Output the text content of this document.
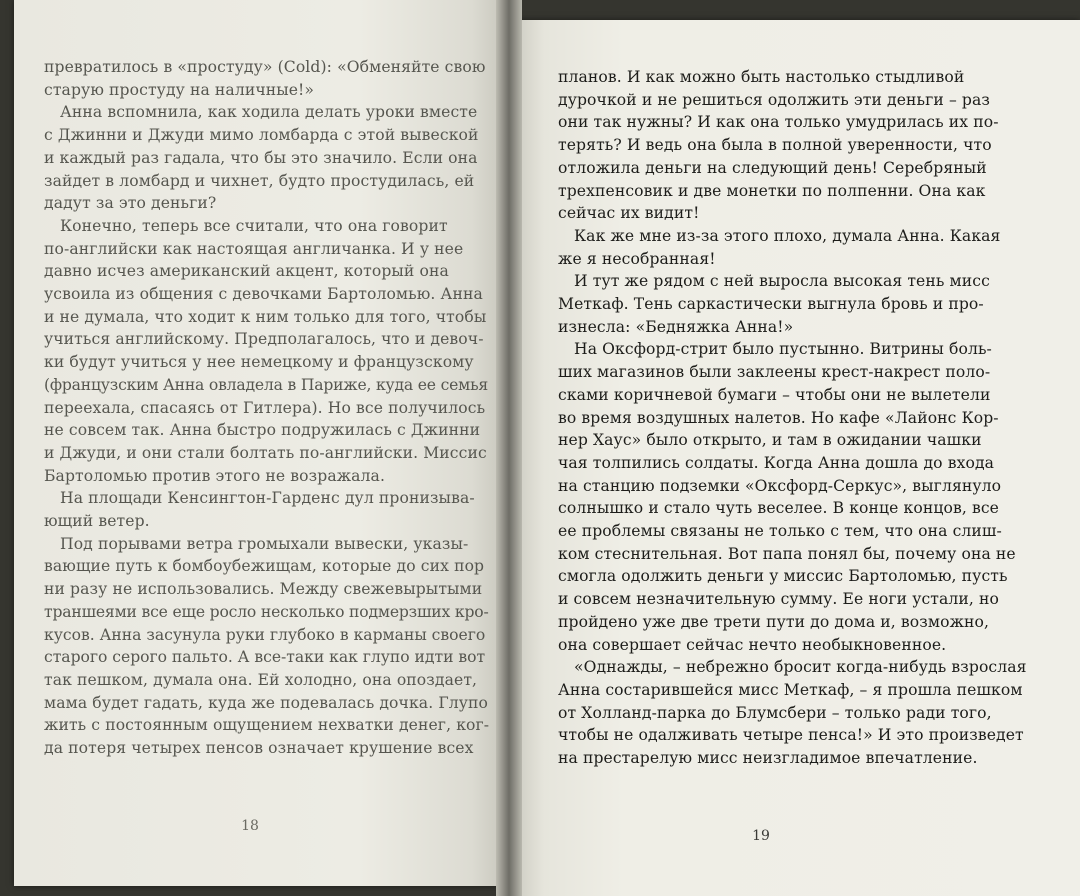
превратилось в «простуду» (Cold): «Обменяйте свою
старую простуду на наличные!»
Анна вспомнила, как ходила делать уроки вместе
с Джинни и Джуди мимо ломбарда с этой вывеской
и каждый раз гадала, что бы это значило. Если она
зайдет в ломбард и чихнет, будто простудилась, ей
дадут за это деньги?
Конечно, теперь все считали, что она говорит
по-английски как настоящая англичанка. И у нее
давно исчез американский акцент, который она
усвоила из общения с девочками Бартоломью. Анна
и не думала, что ходит к ним только для того, чтобы
учиться английскому. Предполагалось, что и девоч-
ки будут учиться у нее немецкому и французскому
(французским Анна овладела в Париже, куда ее семья
переехала, спасаясь от Гитлера). Но все получилось
не совсем так. Анна быстро подружилась с Джинни
и Джуди, и они стали болтать по-английски. Миссис
Бартоломью против этого не возражала.
На площади Кенсингтон-Гарденс дул пронизыва-
ющий ветер.
Под порывами ветра громыхали вывески, указы-
вающие путь к бомбоубежищам, которые до сих пор
ни разу не использовались. Между свежевырытыми
траншеями все еще росло несколько подмерзших кро-
кусов. Анна засунула руки глубоко в карманы своего
старого серого пальто. А все-таки как глупо идти вот
так пешком, думала она. Ей холодно, она опоздает,
мама будет гадать, куда же подевалась дочка. Глупо
жить с постоянным ощущением нехватки денег, ког-
да потеря четырех пенсов означает крушение всех
18
планов. И как можно быть настолько стыдливой
дурочкой и не решиться одолжить эти деньги – раз
они так нужны? И как она только умудрилась их по-
терять? И ведь она была в полной уверенности, что
отложила деньги на следующий день! Серебряный
трехпенсовик и две монетки по полпенни. Она как
сейчас их видит!
Как же мне из-за этого плохо, думала Анна. Какая
же я несобранная!
И тут же рядом с ней выросла высокая тень мисс
Меткаф. Тень саркастически выгнула бровь и про-
изнесла: «Бедняжка Анна!»
На Оксфорд-стрит было пустынно. Витрины боль-
ших магазинов были заклеены крест-накрест поло-
сками коричневой бумаги – чтобы они не вылетели
во время воздушных налетов. Но кафе «Лайонс Кор-
нер Хаус» было открыто, и там в ожидании чашки
чая толпились солдаты. Когда Анна дошла до входа
на станцию подземки «Оксфорд-Серкус», выглянуло
солнышко и стало чуть веселее. В конце концов, все
ее проблемы связаны не только с тем, что она слиш-
ком стеснительная. Вот папа понял бы, почему она не
смогла одолжить деньги у миссис Бартоломью, пусть
и совсем незначительную сумму. Ее ноги устали, но
пройдено уже две трети пути до дома и, возможно,
она совершает сейчас нечто необыкновенное.
«Однажды, – небрежно бросит когда-нибудь взрослая
Анна состарившейся мисс Меткаф, – я прошла пешком
от Холланд-парка до Блумсбери – только ради того,
чтобы не одалживать четыре пенса!» И это произведет
на престарелую мисс неизгладимое впечатление.
19
